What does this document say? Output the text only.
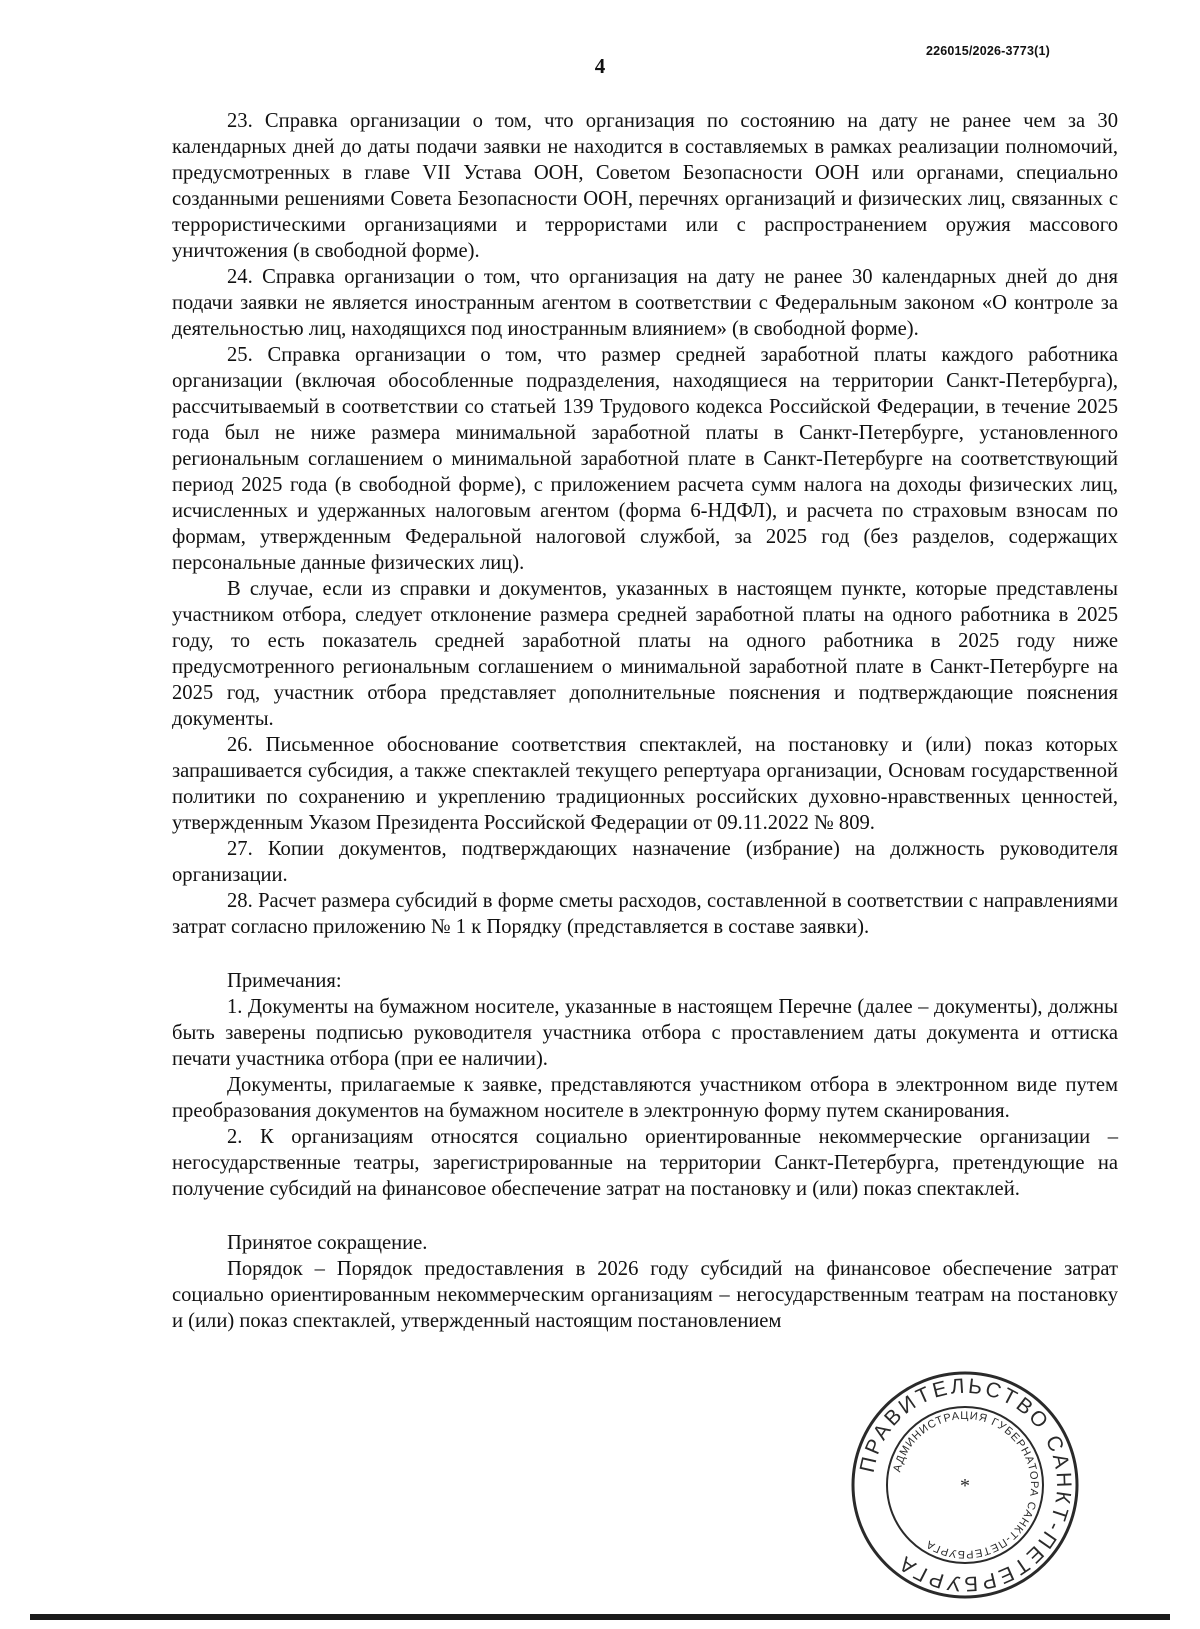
4
226015/2026-3773(1)

23. Справка организации о том, что организация по состоянию на дату не ранее чем за 30 календарных дней до даты подачи заявки не находится в составляемых в рамках реализации полномочий, предусмотренных в главе VII Устава ООН, Советом Безопасности ООН или органами, специально созданными решениями Совета Безопасности ООН, перечнях организаций и физических лиц, связанных с террористическими организациями и террористами или с распространением оружия массового уничтожения (в свободной форме).

24. Справка организации о том, что организация на дату не ранее 30 календарных дней до дня подачи заявки не является иностранным агентом в соответствии с Федеральным законом «О контроле за деятельностью лиц, находящихся под иностранным влиянием» (в свободной форме).

25. Справка организации о том, что размер средней заработной платы каждого работника организации (включая обособленные подразделения, находящиеся на территории Санкт-Петербурга), рассчитываемый в соответствии со статьей 139 Трудового кодекса Российской Федерации, в течение 2025 года был не ниже размера минимальной заработной платы в Санкт-Петербурге, установленного региональным соглашением о минимальной заработной плате в Санкт-Петербурге на соответствующий период 2025 года (в свободной форме), с приложением расчета сумм налога на доходы физических лиц, исчисленных и удержанных налоговым агентом (форма 6-НДФЛ), и расчета по страховым взносам по формам, утвержденным Федеральной налоговой службой, за 2025 год (без разделов, содержащих персональные данные физических лиц).

В случае, если из справки и документов, указанных в настоящем пункте, которые представлены участником отбора, следует отклонение размера средней заработной платы на одного работника в 2025 году, то есть показатель средней заработной платы на одного работника в 2025 году ниже предусмотренного региональным соглашением о минимальной заработной плате в Санкт-Петербурге на 2025 год, участник отбора представляет дополнительные пояснения и подтверждающие пояснения документы.

26. Письменное обоснование соответствия спектаклей, на постановку и (или) показ которых запрашивается субсидия, а также спектаклей текущего репертуара организации, Основам государственной политики по сохранению и укреплению традиционных российских духовно-нравственных ценностей, утвержденным Указом Президента Российской Федерации от 09.11.2022 № 809.

27. Копии документов, подтверждающих назначение (избрание) на должность руководителя организации.

28. Расчет размера субсидий в форме сметы расходов, составленной в соответствии с направлениями затрат согласно приложению № 1 к Порядку (представляется в составе заявки).

Примечания:

1. Документы на бумажном носителе, указанные в настоящем Перечне (далее – документы), должны быть заверены подписью руководителя участника отбора с проставлением даты документа и оттиска печати участника отбора (при ее наличии).

Документы, прилагаемые к заявке, представляются участником отбора в электронном виде путем преобразования документов на бумажном носителе в электронную форму путем сканирования.

2. К организациям относятся социально ориентированные некоммерческие организации – негосударственные театры, зарегистрированные на территории Санкт-Петербурга, претендующие на получение субсидий на финансовое обеспечение затрат на постановку и (или) показ спектаклей.

Принятое сокращение.

Порядок – Порядок предоставления в 2026 году субсидий на финансовое обеспечение затрат социально ориентированным некоммерческим организациям – негосударственным театрам на постановку и (или) показ спектаклей, утвержденный настоящим постановлением

ПРАВИТЕЛЬСТВО САНКТ-ПЕТЕРБУРГА
АДМИНИСТРАЦИЯ ГУБЕРНАТОРА САНКТ-ПЕТЕРБУРГА
*
